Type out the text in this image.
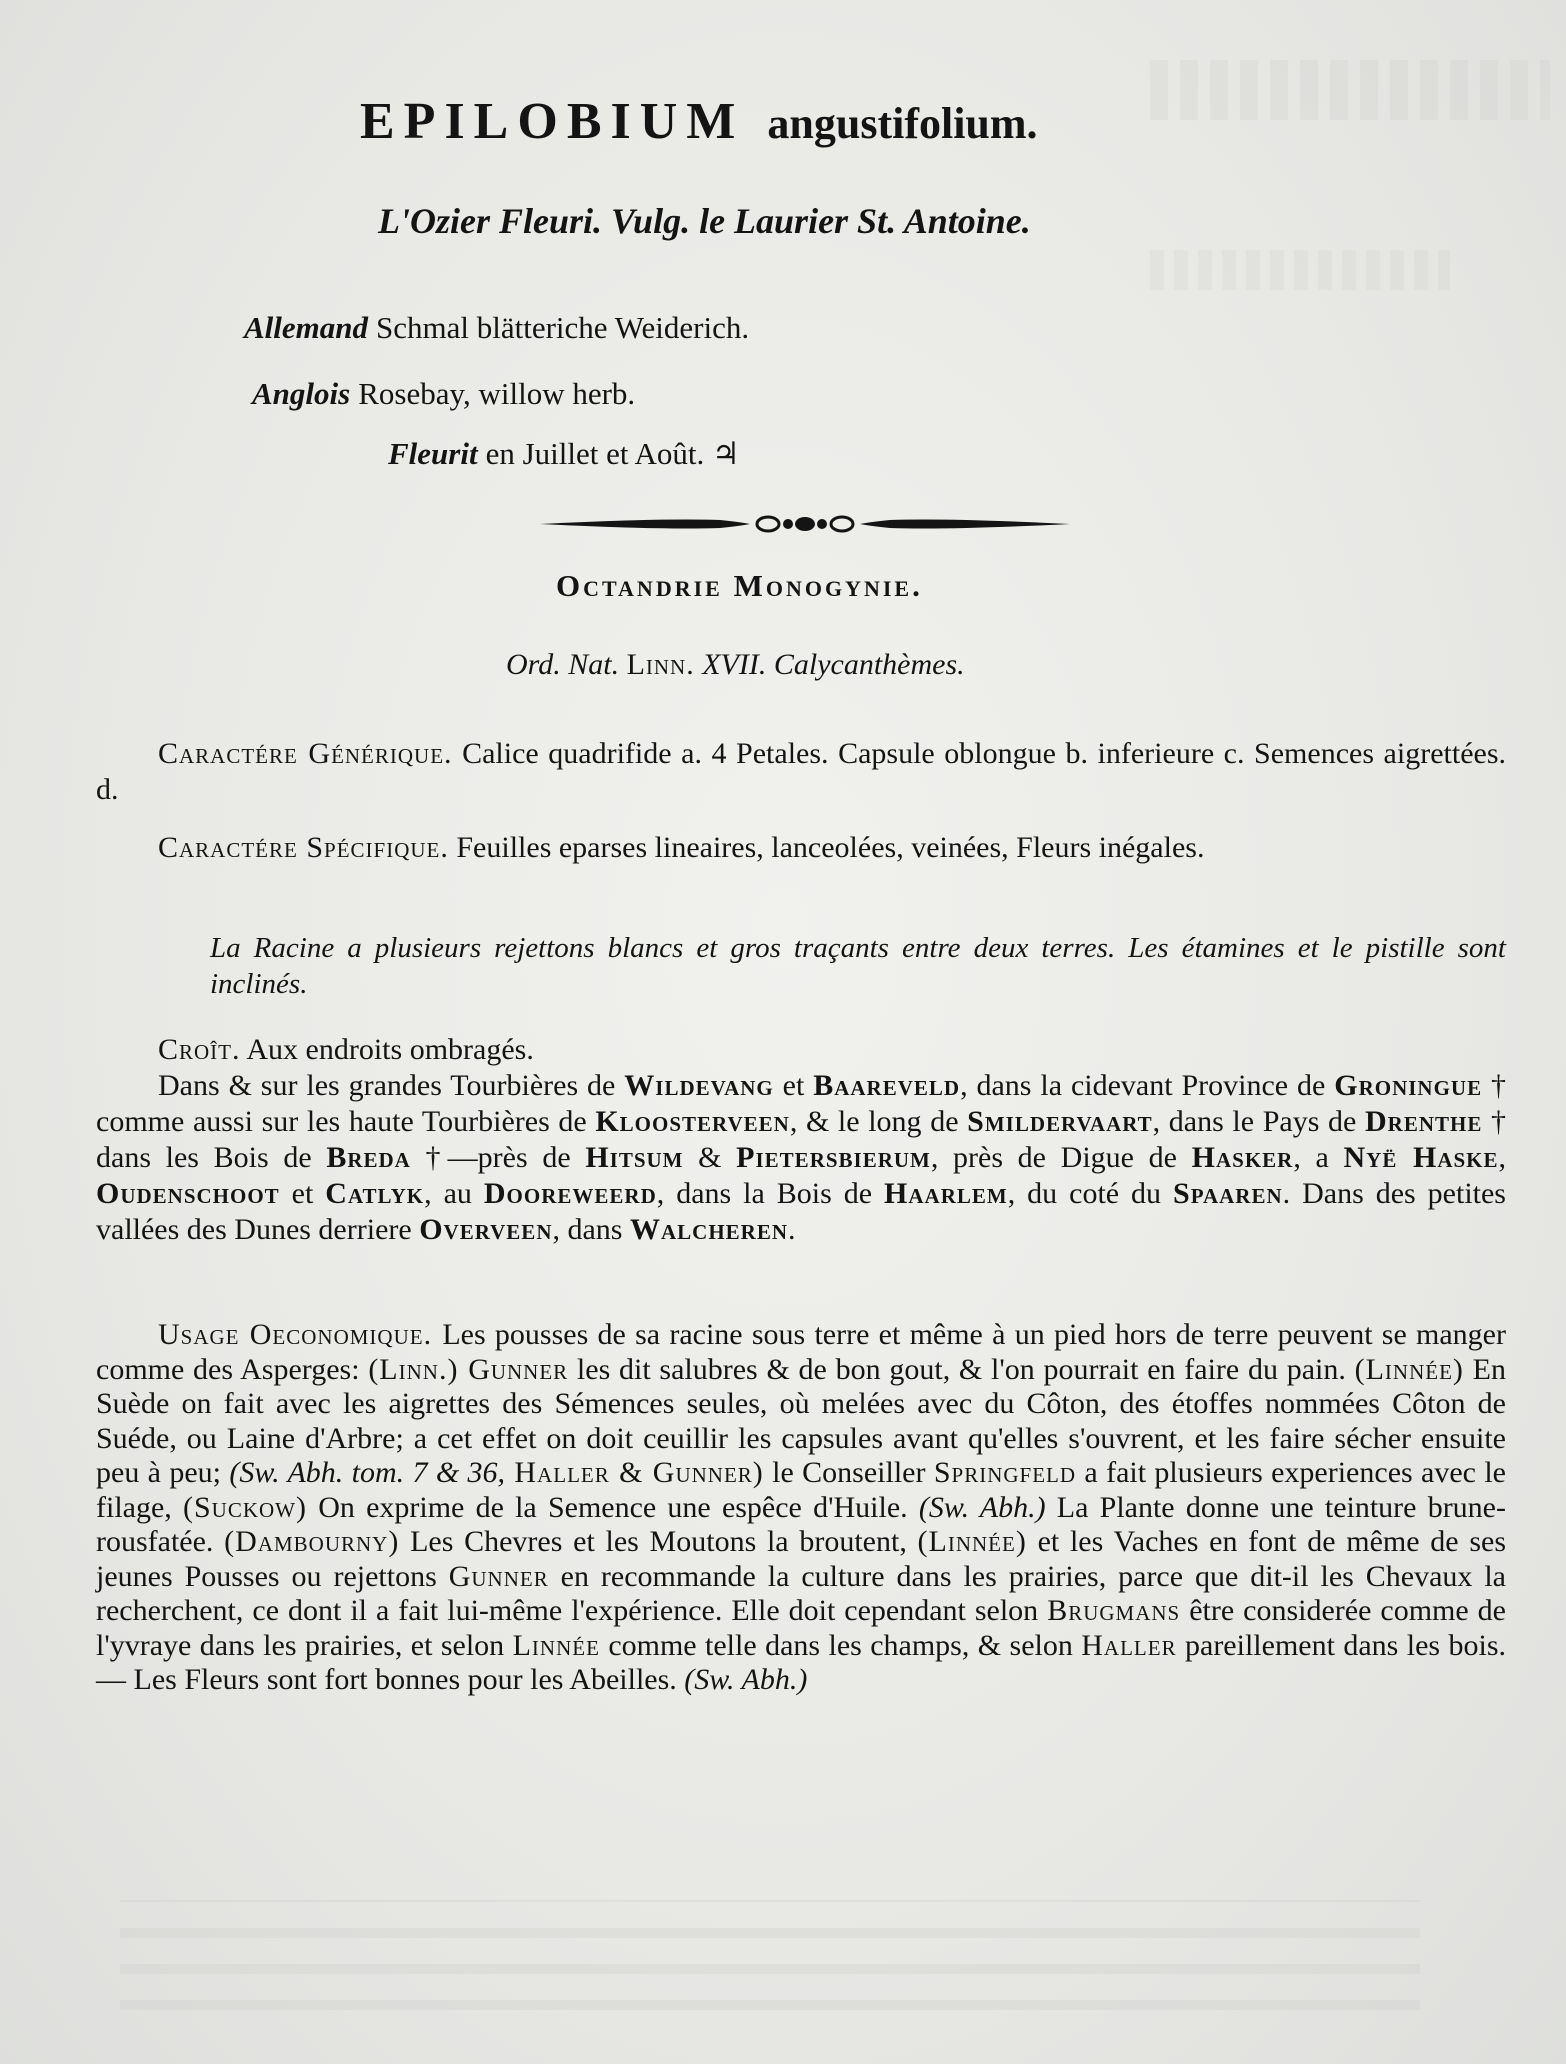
EPILOBIUM angustifolium.
L'Ozier Fleuri. Vulg. le Laurier St. Antoine.
Allemand Schmal blätteriche Weiderich.
Anglois Rosebay, willow herb.
Fleurit en Juillet et Août. ♃
Octandrie Monogynie.
Ord. Nat. Linn. XVII. Calycanthèmes.
Caractére Générique. Calice quadrifide a. 4 Petales. Capsule oblongue b. inferieure c. Semences aigrettées. d.
Caractére Spécifique. Feuilles eparses lineaires, lanceolées, veinées, Fleurs inégales.
La Racine a plusieurs rejettons blancs et gros traçants entre deux terres. Les étamines et le pistille sont inclinés.
Croît. Aux endroits ombragés.
Dans & sur les grandes Tourbières de Wildevang et Baareveld, dans la cidevant Province de Groningue † comme aussi sur les haute Tourbières de Kloosterveen, & le long de Smildervaart, dans le Pays de Drenthe † dans les Bois de Breda †—près de Hitsum & Pietersbierum, près de Digue de Hasker, a Nyë Haske, Oudenschoot et Catlyk, au Dooreweerd, dans la Bois de Haarlem, du coté du Spaaren. Dans des petites vallées des Dunes derriere Overveen, dans Walcheren.
Usage Oeconomique. Les pousses de sa racine sous terre et même à un pied hors de terre peuvent se manger comme des Asperges: (Linn.) Gunner les dit salubres & de bon gout, & l'on pourrait en faire du pain. (Linnée) En Suède on fait avec les aigrettes des Sémences seules, où melées avec du Côton, des étoffes nommées Côton de Suéde, ou Laine d'Arbre; a cet effet on doit ceuillir les capsules avant qu'elles s'ouvrent, et les faire sécher ensuite peu à peu; (Sw. Abh. tom. 7 & 36, Haller & Gunner) le Conseiller Springfeld a fait plusieurs experiences avec le filage, (Suckow) On exprime de la Semence une espêce d'Huile. (Sw. Abh.) La Plante donne une teinture brune-rousfatée. (Dambourny) Les Chevres et les Moutons la broutent, (Linnée) et les Vaches en font de même de ses jeunes Pousses ou rejettons Gunner en recommande la culture dans les prairies, parce que dit-il les Chevaux la recherchent, ce dont il a fait lui-même l'expérience. Elle doit cependant selon Brugmans être considerée comme de l'yvraye dans les prairies, et selon Linnée comme telle dans les champs, & selon Haller pareillement dans les bois. — Les Fleurs sont fort bonnes pour les Abeilles. (Sw. Abh.)
